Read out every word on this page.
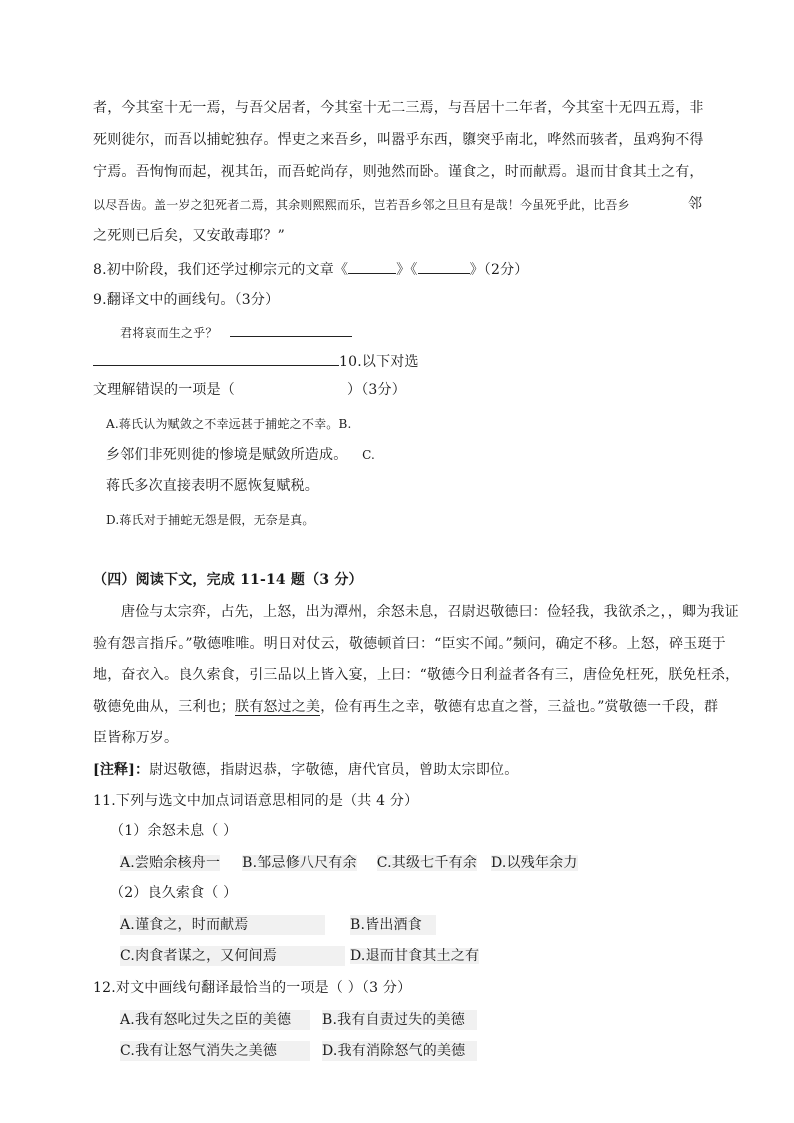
者，今其室十无一焉，与吾父居者，今其室十无二三焉，与吾居十二年者，今其室十无四五焉，非
死则徙尔，而吾以捕蛇独存。悍吏之来吾乡，叫嚣乎东西，隳突乎南北，哗然而骇者，虽鸡狗不得
宁焉。吾恂恂而起，视其缶，而吾蛇尚存，则弛然而卧。谨食之，时而献焉。退而甘食其土之有，
以尽吾齿。盖一岁之犯死者二焉，其余则熙熙而乐，岂若吾乡邻之旦旦有是哉！今虽死乎此，比吾乡	邻
之死则已后矣，又安敢毒耶？”
8.初中阶段，我们还学过柳宗元的文章《	》《	》（2分）
9.翻译文中的画线句。（3分）
君将哀而生之乎？
10.以下对选
文理解错误的一项是（	）（3分）
A.蒋氏认为赋敛之不幸远甚于捕蛇之不幸。B.
乡邻们非死则徙的惨境是赋敛所造成。 C.
蒋氏多次直接表明不愿恢复赋税。
D.蒋氏对于捕蛇无怨是假，无奈是真。
（四）阅读下文，完成 11-14 题（3 分）
唐俭与太宗弈，占先，上怒，出为潭州，余怒未息，召尉迟敬德曰：俭轻我，我欲杀之，，卿为我证
验有怨言指斥。”敬德唯唯。明日对仗云，敬德顿首曰：“臣实不闻。”频问，确定不移。上怒，碎玉珽于
地，奋衣入。良久索食，引三品以上皆入宴，上曰：“敬德今日利益者各有三，唐俭免枉死，朕免枉杀，
敬德免曲从，三利也；朕有怒过之美，俭有再生之幸，敬德有忠直之誉，三益也。”赏敬德一千段，群
臣皆称万岁。
[注释]：尉迟敬德，指尉迟恭，字敬德，唐代官员，曾助太宗即位。
11.下列与选文中加点词语意思相同的是（共 4 分）
（1）余怒未息（ ）
A.尝贻余核舟一 B.邹忌修八尺有余 C.其级七千有余 D.以残年余力
（2）良久索食（ ）
A.谨食之，时而献焉	B.皆出酒食
C.肉食者谋之，又何间焉	D.退而甘食其土之有
12.对文中画线句翻译最恰当的一项是（ ）（3 分）
A.我有怒叱过失之臣的美德 B.我有自责过失的美德
C.我有让怒气消失之美德	D.我有消除怒气的美德
